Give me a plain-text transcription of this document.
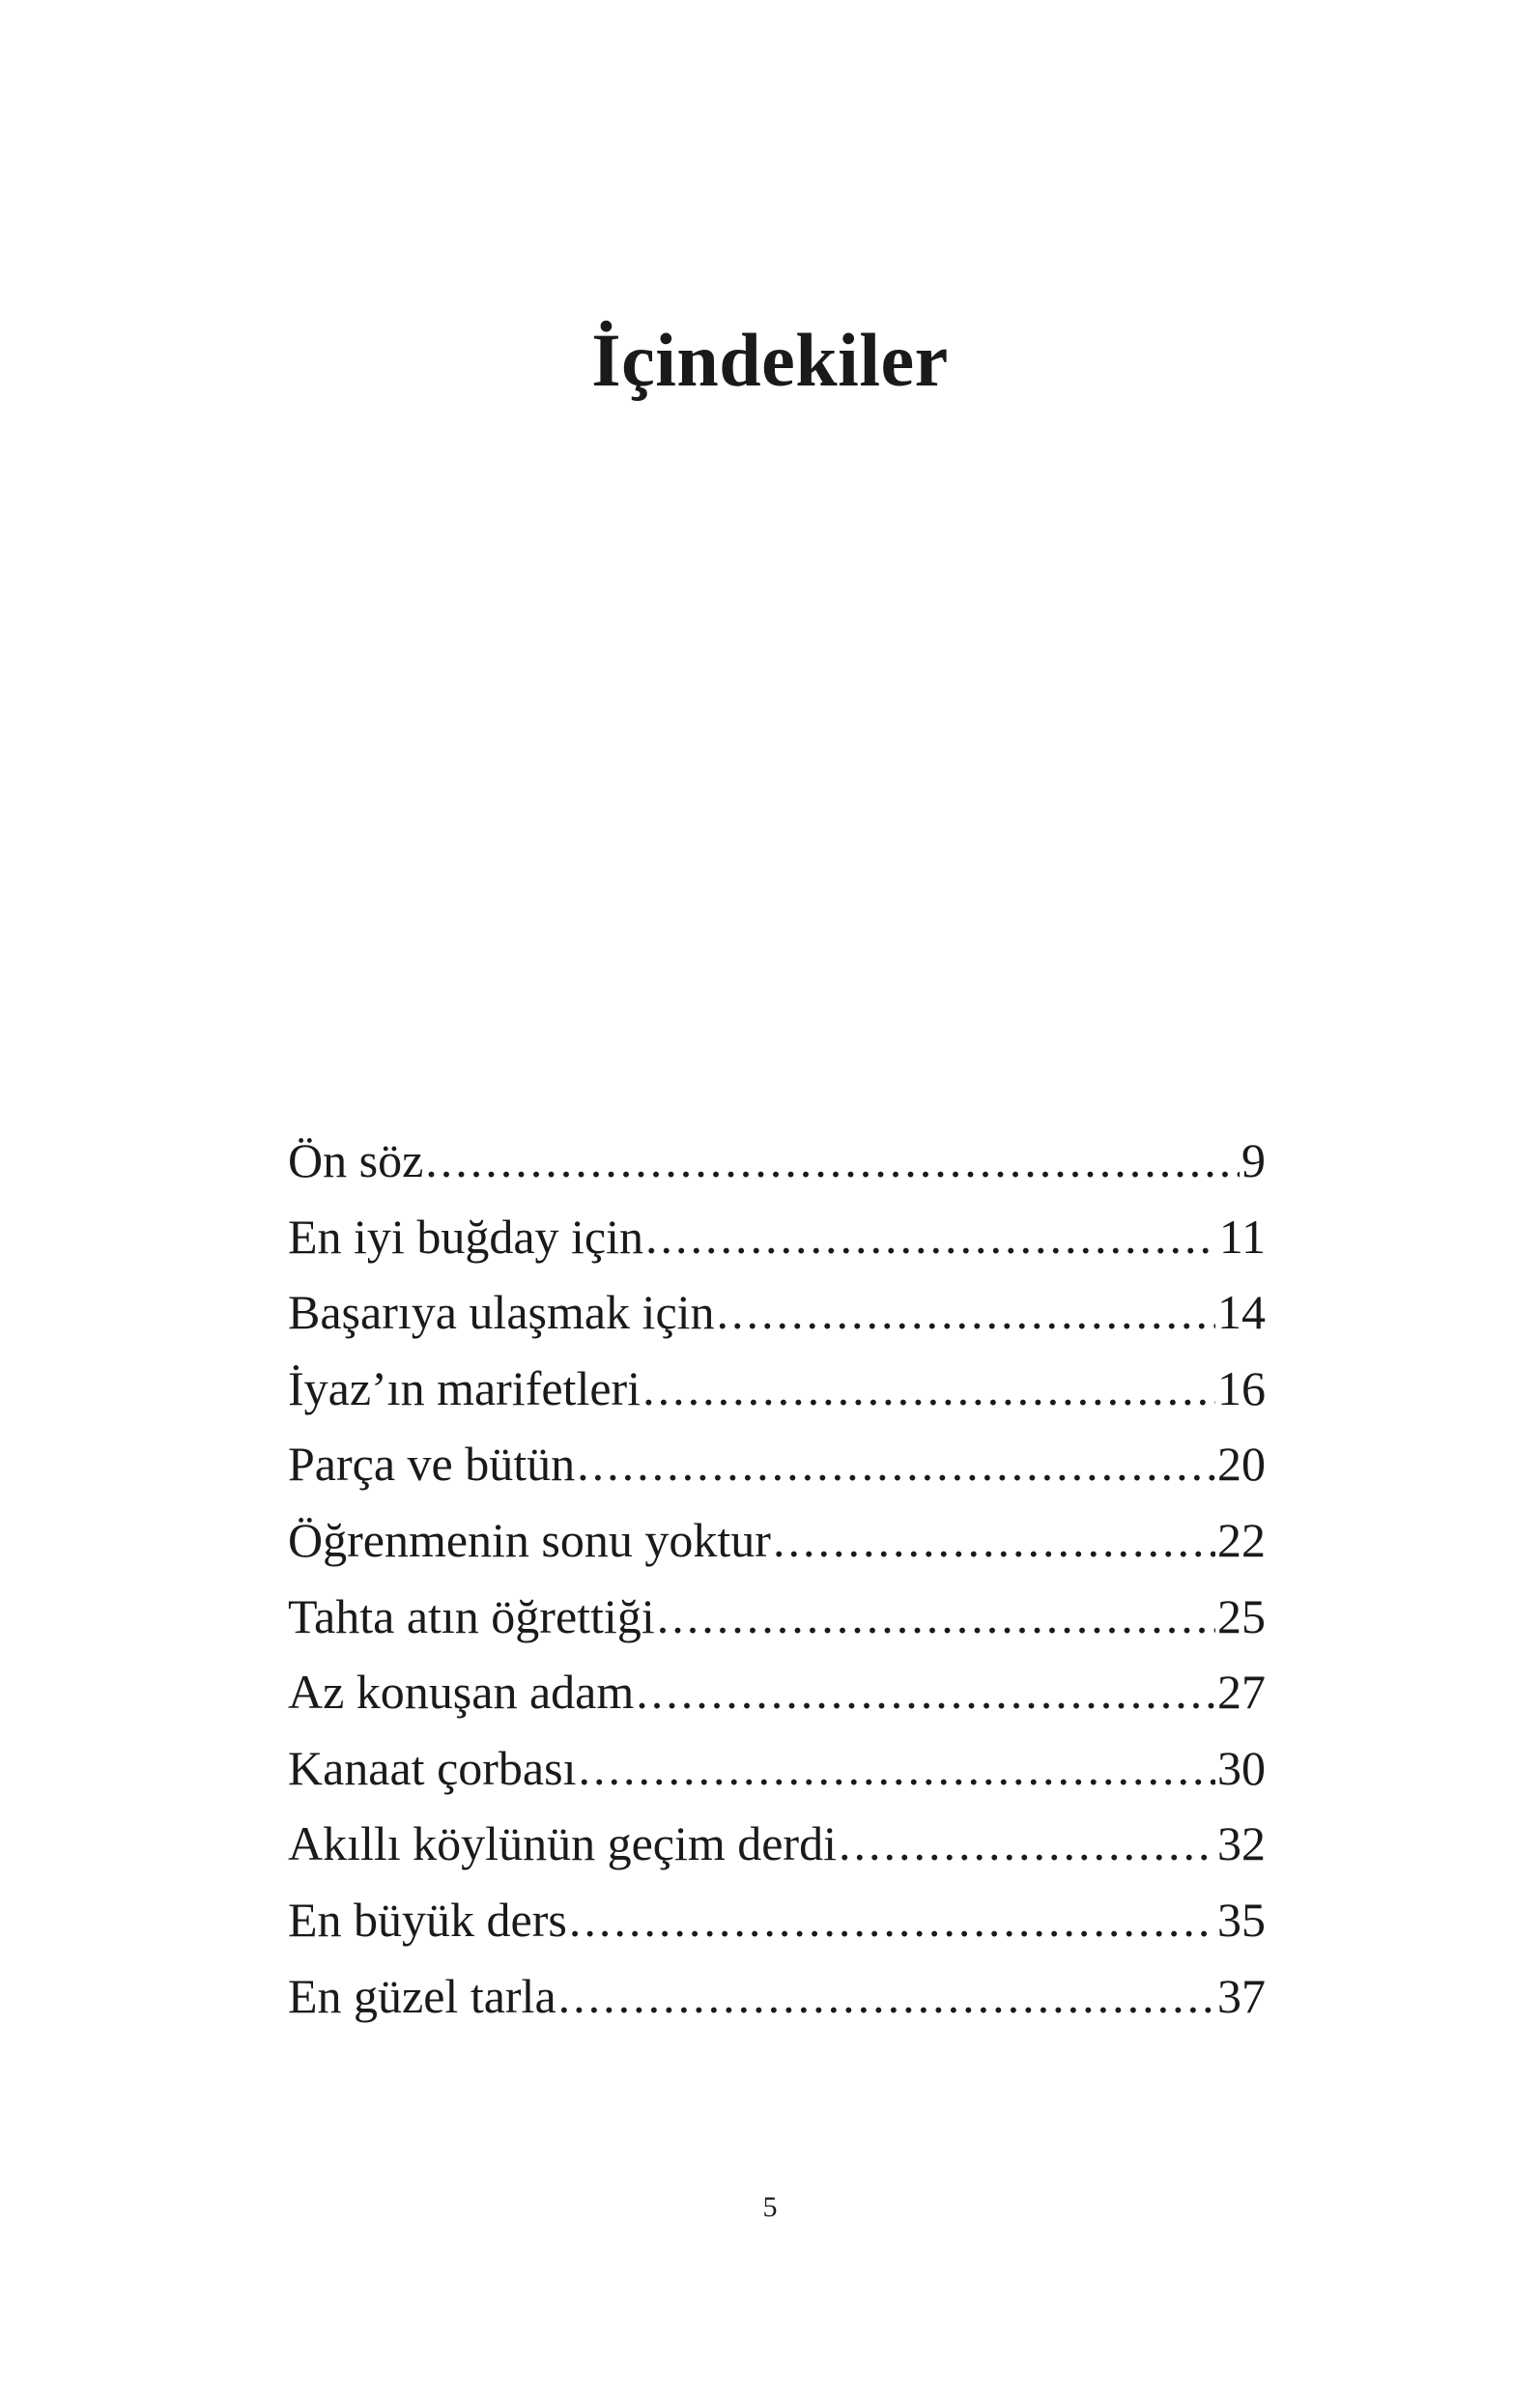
İçindekiler
Ön söz .....	9
En iyi buğday için .....	11
Başarıya ulaşmak için .....	14
İyaz’ın marifetleri .....	16
Parça ve bütün .....	20
Öğrenmenin sonu yoktur .....	22
Tahta atın öğrettiği .....	25
Az konuşan adam .....	27
Kanaat çorbası .....	30
Akıllı köylünün geçim derdi .....	32
En büyük ders .....	35
En güzel tarla .....	37
5
